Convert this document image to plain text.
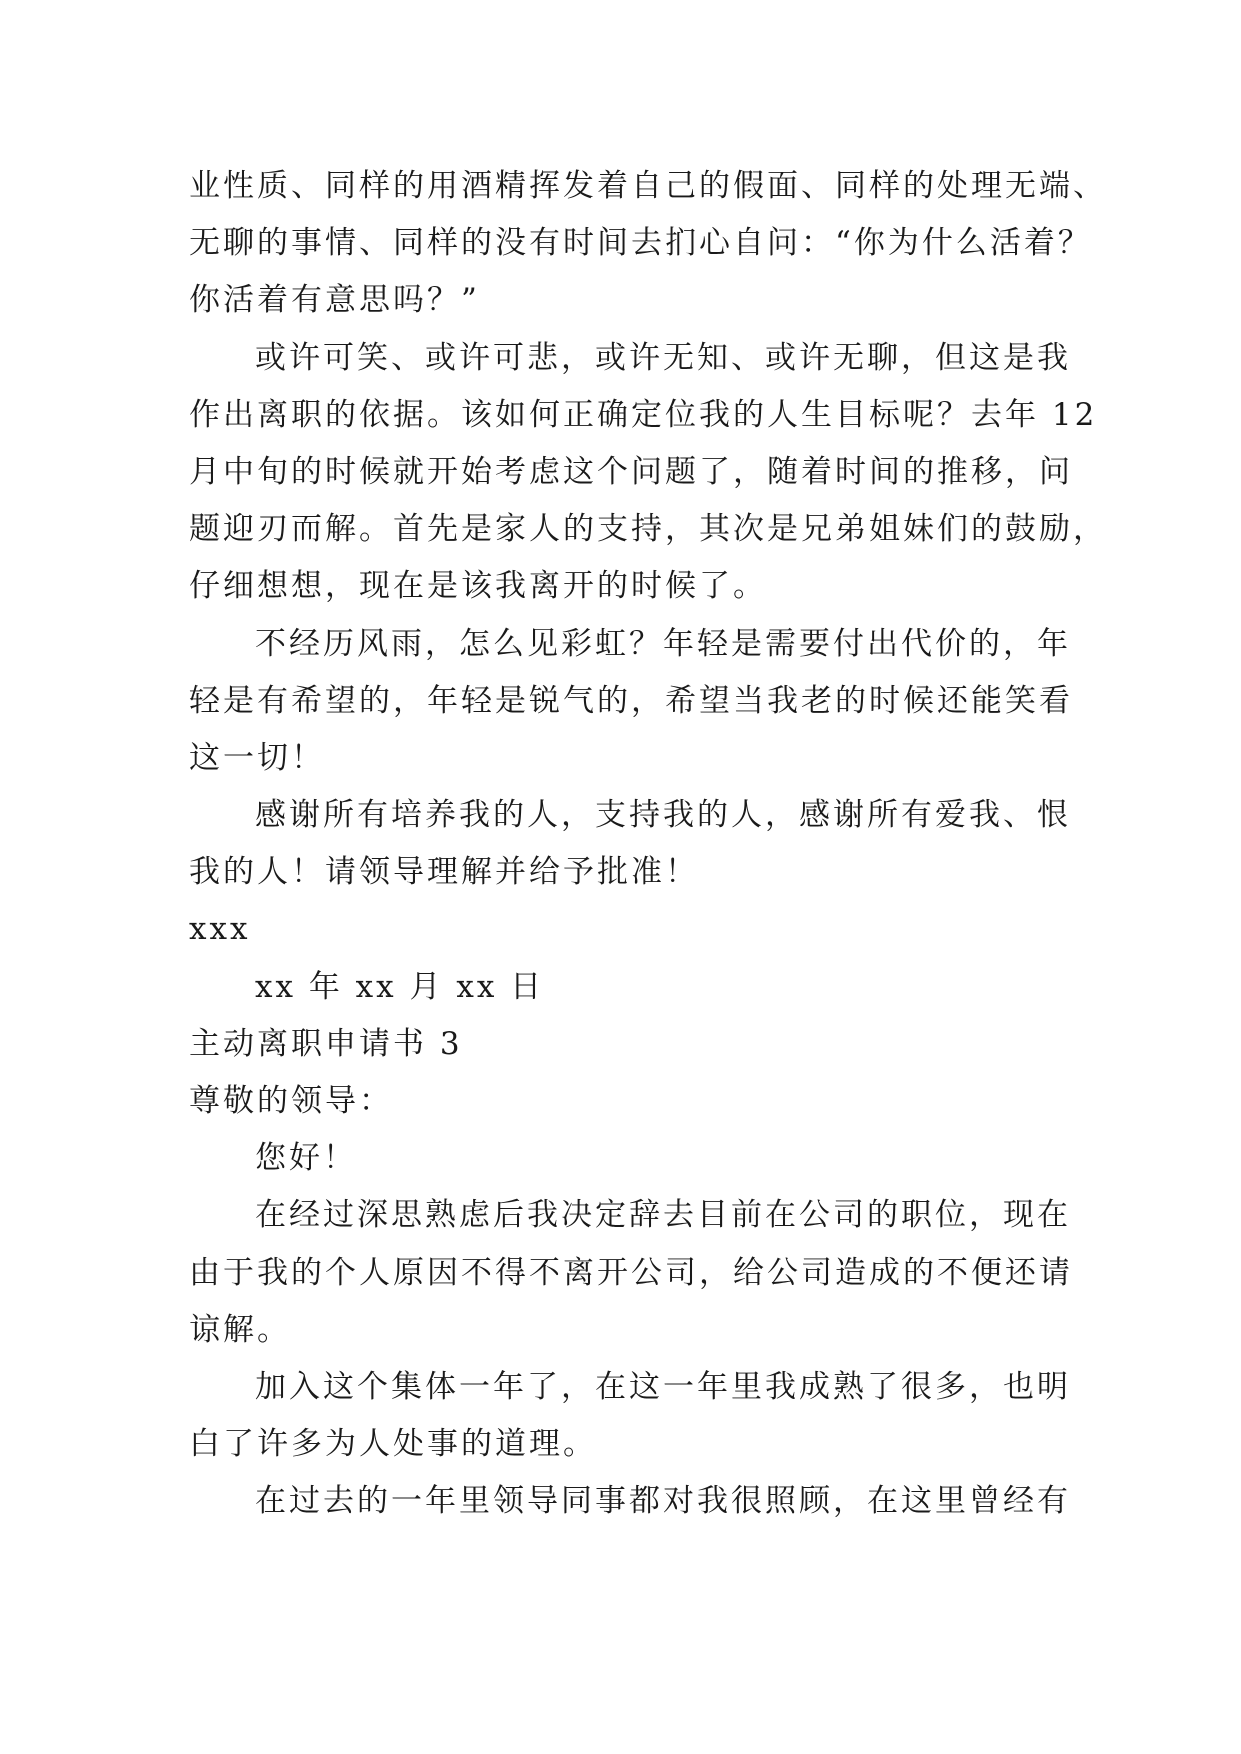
业性质、同样的用酒精挥发着自己的假面、同样的处理无端、
无聊的事情、同样的没有时间去扪心自问：“你为什么活着？
你活着有意思吗？”
或许可笑、或许可悲，或许无知、或许无聊，但这是我
作出离职的依据。该如何正确定位我的人生目标呢？去年 12
月中旬的时候就开始考虑这个问题了，随着时间的推移，问
题迎刃而解。首先是家人的支持，其次是兄弟姐妹们的鼓励，
仔细想想，现在是该我离开的时候了。
不经历风雨，怎么见彩虹？年轻是需要付出代价的，年
轻是有希望的，年轻是锐气的，希望当我老的时候还能笑看
这一切！
感谢所有培养我的人，支持我的人，感谢所有爱我、恨
我的人！请领导理解并给予批准！
xxx
xx 年 xx 月 xx 日
主动离职申请书 3
尊敬的领导：
您好！
在经过深思熟虑后我决定辞去目前在公司的职位，现在
由于我的个人原因不得不离开公司，给公司造成的不便还请
谅解。
加入这个集体一年了，在这一年里我成熟了很多，也明
白了许多为人处事的道理。
在过去的一年里领导同事都对我很照顾，在这里曾经有
